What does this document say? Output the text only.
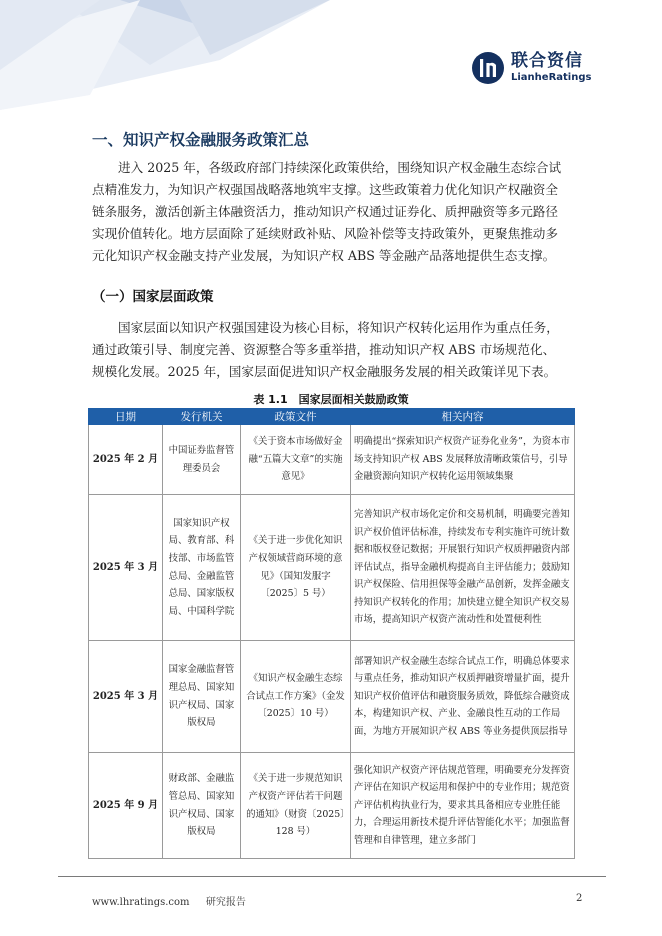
联合资信
LianheRatings
一、知识产权金融服务政策汇总
进入 2025 年，各级政府部门持续深化政策供给，围绕知识产权金融生态综合试
点精准发力，为知识产权强国战略落地筑牢支撑。这些政策着力优化知识产权融资全
链条服务，激活创新主体融资活力，推动知识产权通过证券化、质押融资等多元路径
实现价值转化。地方层面除了延续财政补贴、风险补偿等支持政策外，更聚焦推动多
元化知识产权金融支持产业发展，为知识产权 ABS 等金融产品落地提供生态支撑。
（一）国家层面政策
国家层面以知识产权强国建设为核心目标，将知识产权转化运用作为重点任务，
通过政策引导、制度完善、资源整合等多重举措，推动知识产权 ABS 市场规范化、
规模化发展。2025 年，国家层面促进知识产权金融服务发展的相关政策详见下表。
表 1.1　国家层面相关鼓励政策
日期	发行机关	政策文件	相关内容
2025 年 2 月	中国证券监督管理委员会	《关于资本市场做好金融“五篇大文章”的实施意见》	明确提出“探索知识产权资产证券化业务”，为资本市场支持知识产权 ABS 发展释放清晰政策信号，引导金融资源向知识产权转化运用领域集聚
2025 年 3 月	国家知识产权局、教育部、科技部、市场监管总局、金融监管总局、国家版权局、中国科学院	《关于进一步优化知识产权领域营商环境的意见》（国知发服字〔2025〕5 号）	完善知识产权市场化定价和交易机制，明确要完善知识产权价值评估标准，持续发布专利实施许可统计数据和版权登记数据；开展银行知识产权质押融资内部评估试点，指导金融机构提高自主评估能力；鼓励知识产权保险、信用担保等金融产品创新，发挥金融支持知识产权转化的作用；加快建立健全知识产权交易市场，提高知识产权资产流动性和处置便利性
2025 年 3 月	国家金融监督管理总局、国家知识产权局、国家版权局	《知识产权金融生态综合试点工作方案》（金发〔2025〕10 号）	部署知识产权金融生态综合试点工作，明确总体要求与重点任务，推动知识产权质押融资增量扩面，提升知识产权价值评估和融资服务质效，降低综合融资成本，构建知识产权、产业、金融良性互动的工作局面，为地方开展知识产权 ABS 等业务提供顶层指导
2025 年 9 月	财政部、金融监管总局、国家知识产权局、国家版权局	《关于进一步规范知识产权资产评估若干问题的通知》（财资〔2025〕128 号）	强化知识产权资产评估规范管理，明确要充分发挥资产评估在知识产权运用和保护中的专业作用；规范资产评估机构执业行为，要求其具备相应专业胜任能力，合理运用新技术提升评估智能化水平；加强监督管理和自律管理，建立多部门
www.lhratings.com 研究报告	2
